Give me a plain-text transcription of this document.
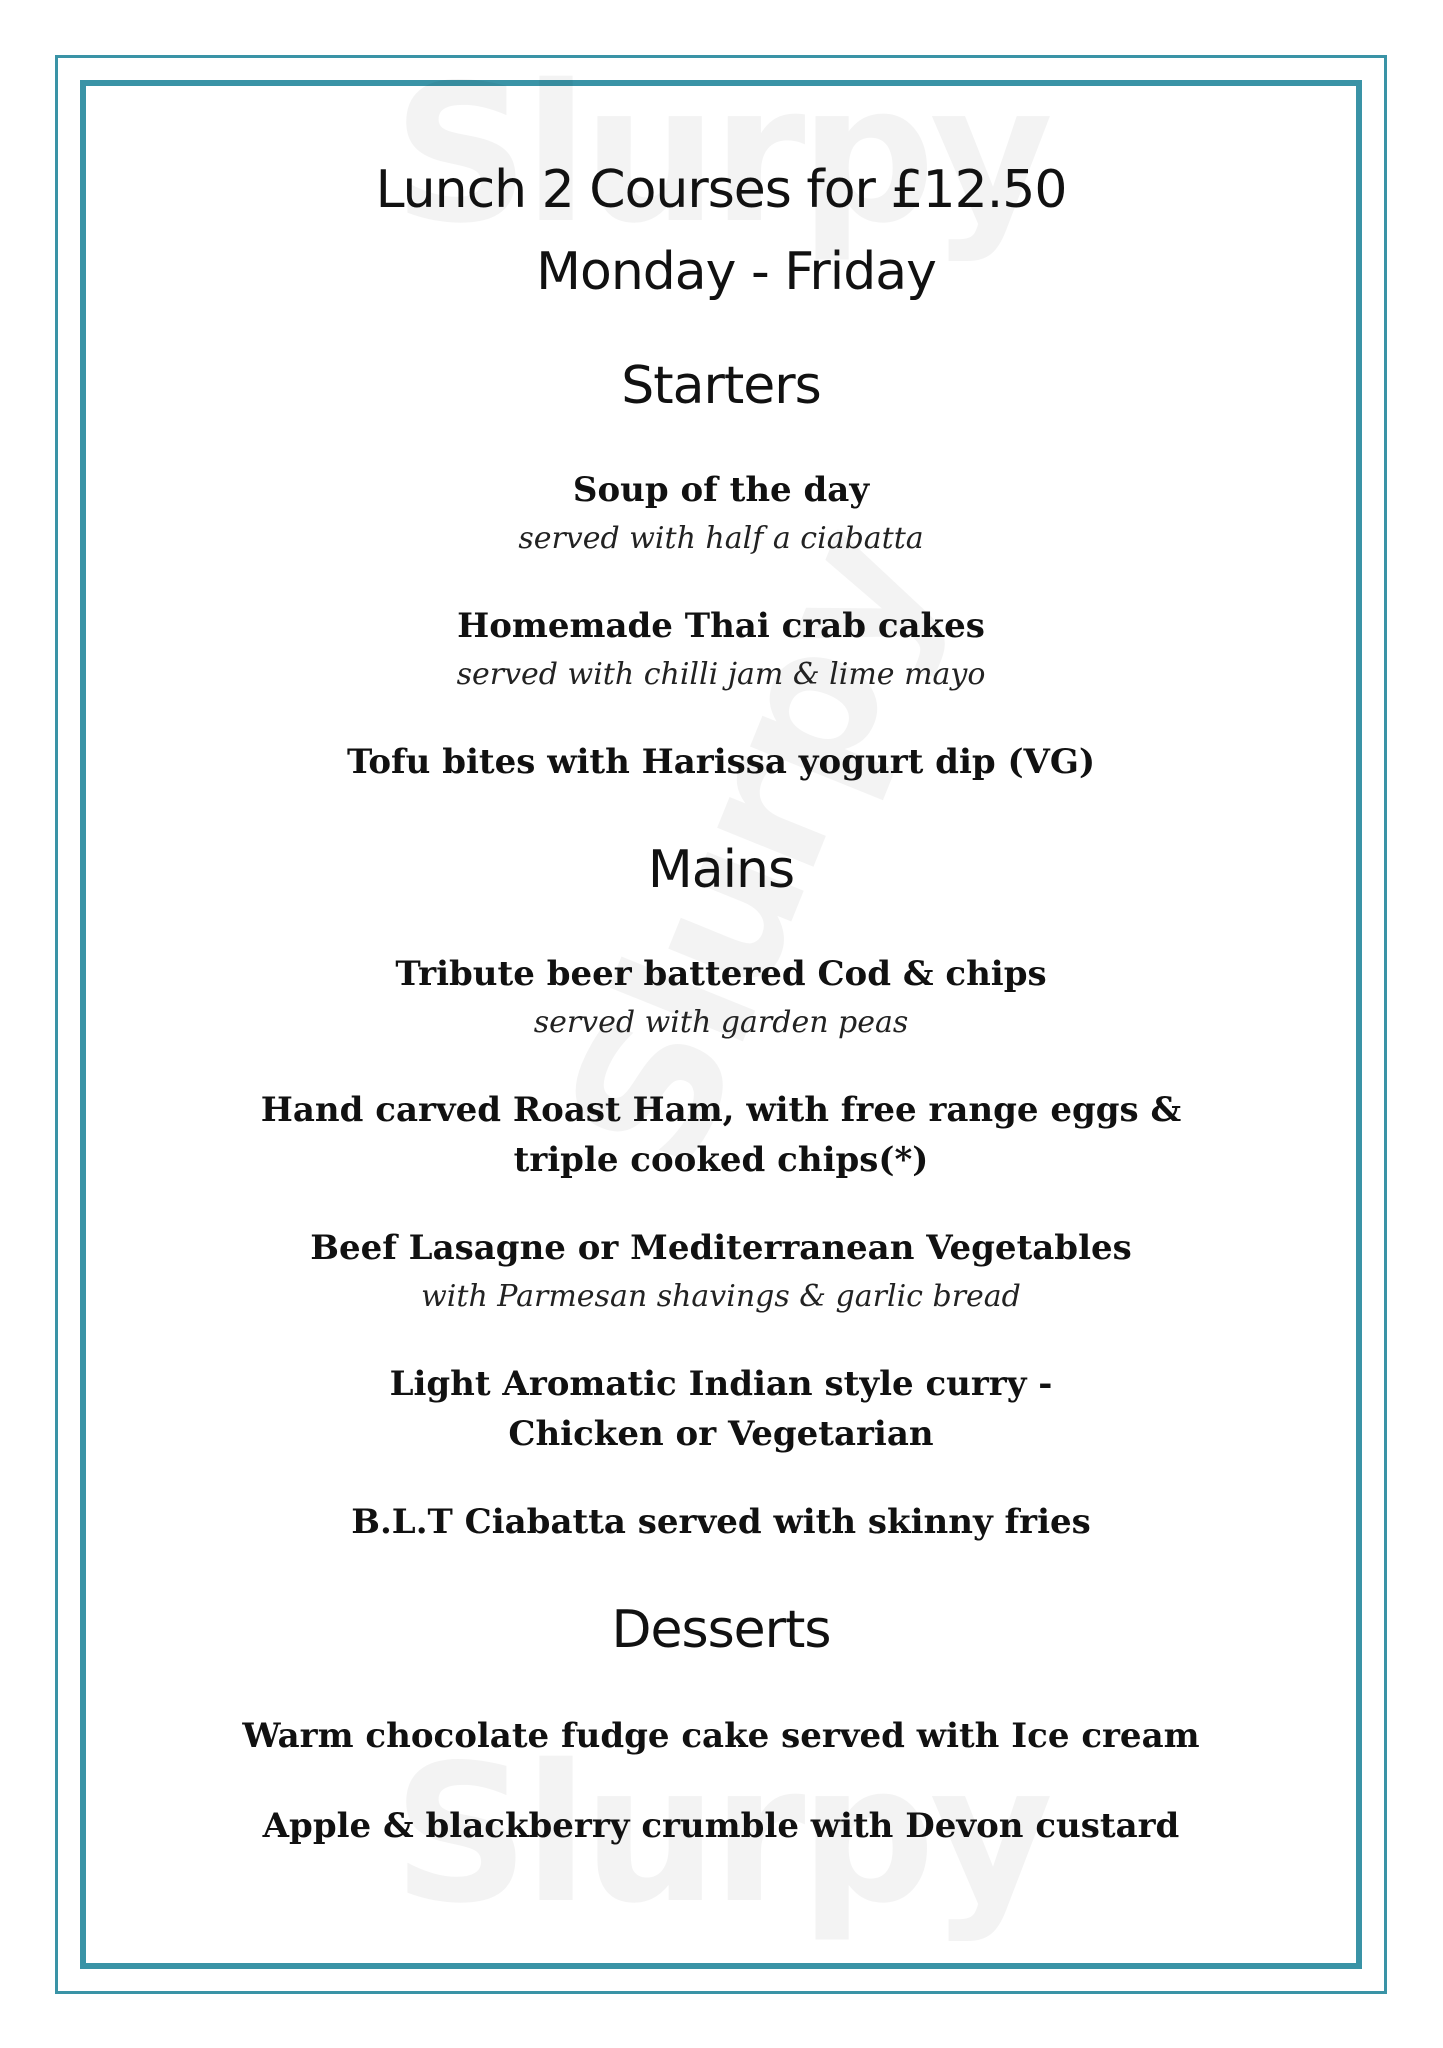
Lunch 2 Courses for £12.50
Monday - Friday
Starters
Soup of the day
served with half a ciabatta
Homemade Thai crab cakes
served with chilli jam & lime mayo
Tofu bites with Harissa yogurt dip (VG)
Mains
Tribute beer battered Cod & chips
served with garden peas
Hand carved Roast Ham, with free range eggs & triple cooked chips(*)
Beef Lasagne or Mediterranean Vegetables
with Parmesan shavings & garlic bread
Light Aromatic Indian style curry - Chicken or Vegetarian
B.L.T Ciabatta served with skinny fries
Desserts
Warm chocolate fudge cake served with Ice cream
Apple & blackberry crumble with Devon custard
